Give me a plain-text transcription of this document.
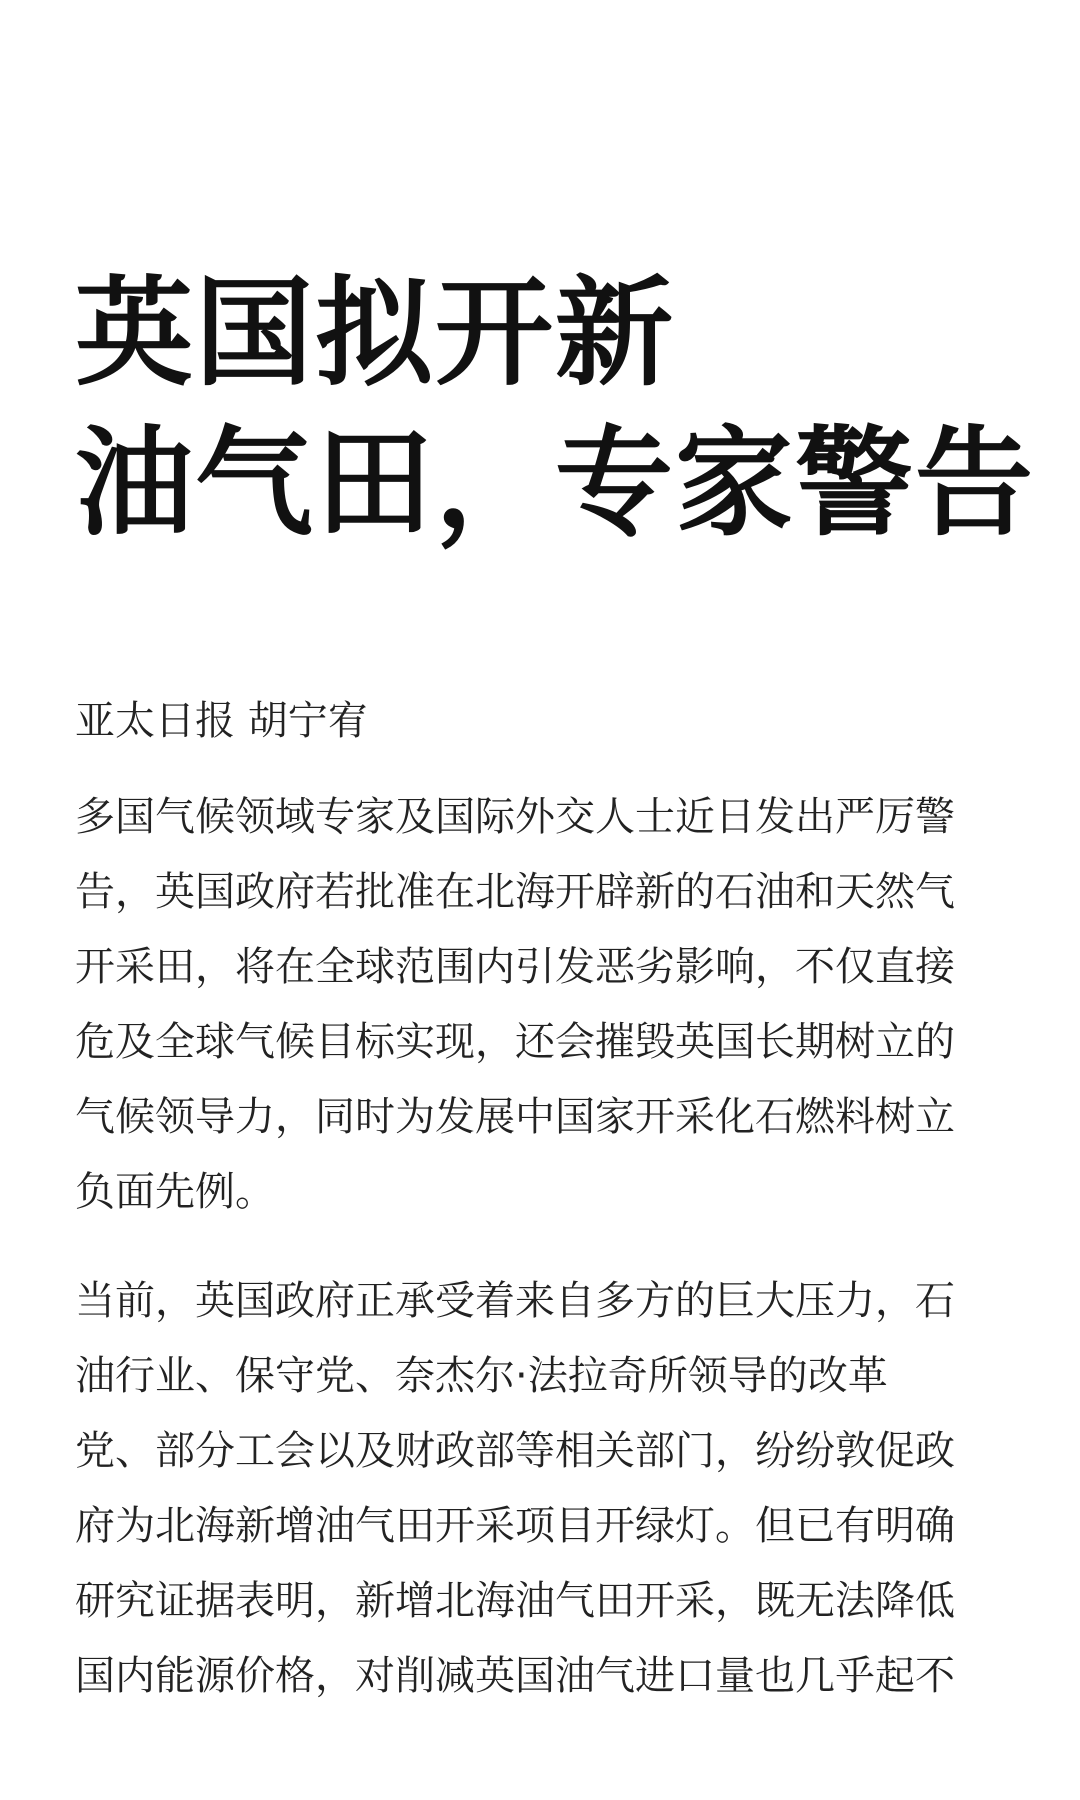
英国拟开新
油气田，专家警告
亚太日报 胡宁宥

多国气候领域专家及国际外交人士近日发出严厉警
告，英国政府若批准在北海开辟新的石油和天然气
开采田，将在全球范围内引发恶劣影响，不仅直接
危及全球气候目标实现，还会摧毁英国长期树立的
气候领导力，同时为发展中国家开采化石燃料树立
负面先例。

当前，英国政府正承受着来自多方的巨大压力，石
油行业、保守党、奈杰尔·法拉奇所领导的改革
党、部分工会以及财政部等相关部门，纷纷敦促政
府为北海新增油气田开采项目开绿灯。但已有明确
研究证据表明，新增北海油气田开采，既无法降低
国内能源价格，对削减英国油气进口量也几乎起不
